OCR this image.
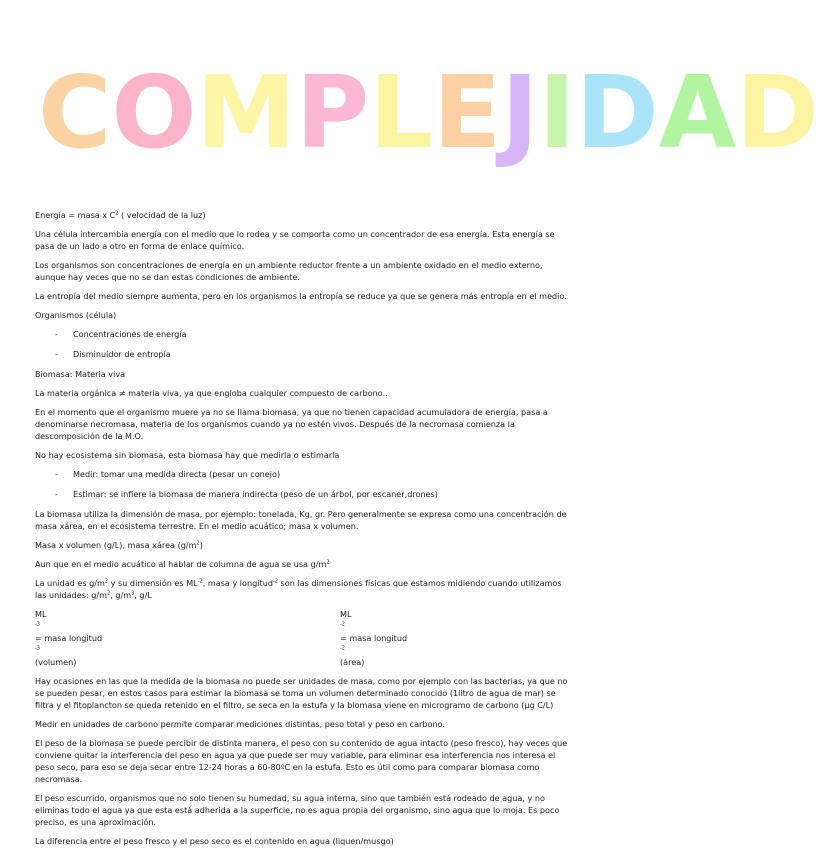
C O M P L E J I D A D

Energía = masa x $C^2$ ( velocidad de la luz)

Una célula intercambia energía con el medio que lo rodea y se comporta como un concentrador de esa energía. Esta energía se pasa de un lado a otro en forma de enlace químico.

Los organismos son concentraciones de energía en un ambiente reductor frente a un ambiente oxidado en el medio externo, aunque hay veces que no se dan estas condiciones de ambiente.

La entropía del medio siempre aumenta, pero en los organismos la entropía se reduce ya que se genera más entropía en el medio.

Organismos (célula)

- Concentraciones de energía
- Disminuidor de entropía

Biomasa: Materia viva

La materia orgánica ≠ materia viva, ya que engloba cualquier compuesto de carbono..

En el momento que el organismo muere ya no se llama biomasa, ya que no tienen capacidad acumuladora de energía, pasa a denominarse necromasa, materia de los organismos cuando ya no estén vivos. Después de la necromasa comienza la descomposición de la M.O.

No hay ecosistema sin biomasa, esta biomasa hay que medirla o estimarla

- Medir: tomar una medida directa (pesar un conejo)
- Estimar: se infiere la biomasa de manera indirecta (peso de un árbol, por escaner,drones)

La biomasa utiliza la dimensión de masa, por ejemplo: tonelada, Kg, gr. Pero generalmente se expresa como una concentración de masa xárea, en el ecosistema terrestre. En el medio acuático; masa x volumen.

Masa x volumen (g/L), masa xárea $(g/m^2)$

Aun que en el medio acuático al hablar de columna de agua se usa $g/m^2$

La unidad es $g/m^2$ y su dimensión es $ML^{-2}$, masa y longitud$^{-2}$ son las dimensiones físicas que estamos midiendo cuando utilizamos las unidades: $g/m^2$, $g/m^3$, g/L

ML
$^{-3}$
= masa longitud
$^{-3}$
(volumen)
ML
$^{-2}$
= masa longitud
$^{-2}$
(área)

Hay ocasiones en las que la medida de la biomasa no puede ser unidades de masa, como por ejemplo con las bacterias, ya que no se pueden pesar, en estos casos para estimar la biomasa se toma un volumen determinado conocido (1litro de agua de mar) se filtra y el fitoplancton se queda retenido en el filtro, se seca en la estufa y la biomasa viene en microgramo de carbono (μg C/L)

Medir en unidades de carbono permite comparar mediciones distintas, peso total y peso en carbono.

El peso de la biomasa se puede percibir de distinta manera, el peso con su contenido de agua intacto (peso fresco), hay veces que conviene quitar la interferencia del peso en agua ya que puede ser muy variable, para eliminar esa interferencia nos interesa el peso seco, para eso se deja secar entre 12-24 horas a 60-80ºC en la estufa. Esto es útil como para comparar biomasa como necromasa.

El peso escurrido, organismos que no solo tienen su humedad, su agua interna, sino que también está rodeado de agua, y no eliminas todo el agua ya que esta está adherida a la superficie, no es agua propia del organismo, sino agua que lo moja. Es poco preciso, es una aproximación.

La diferencia entre el peso fresco y el peso seco es el contenido en agua (liquen/musgo)
